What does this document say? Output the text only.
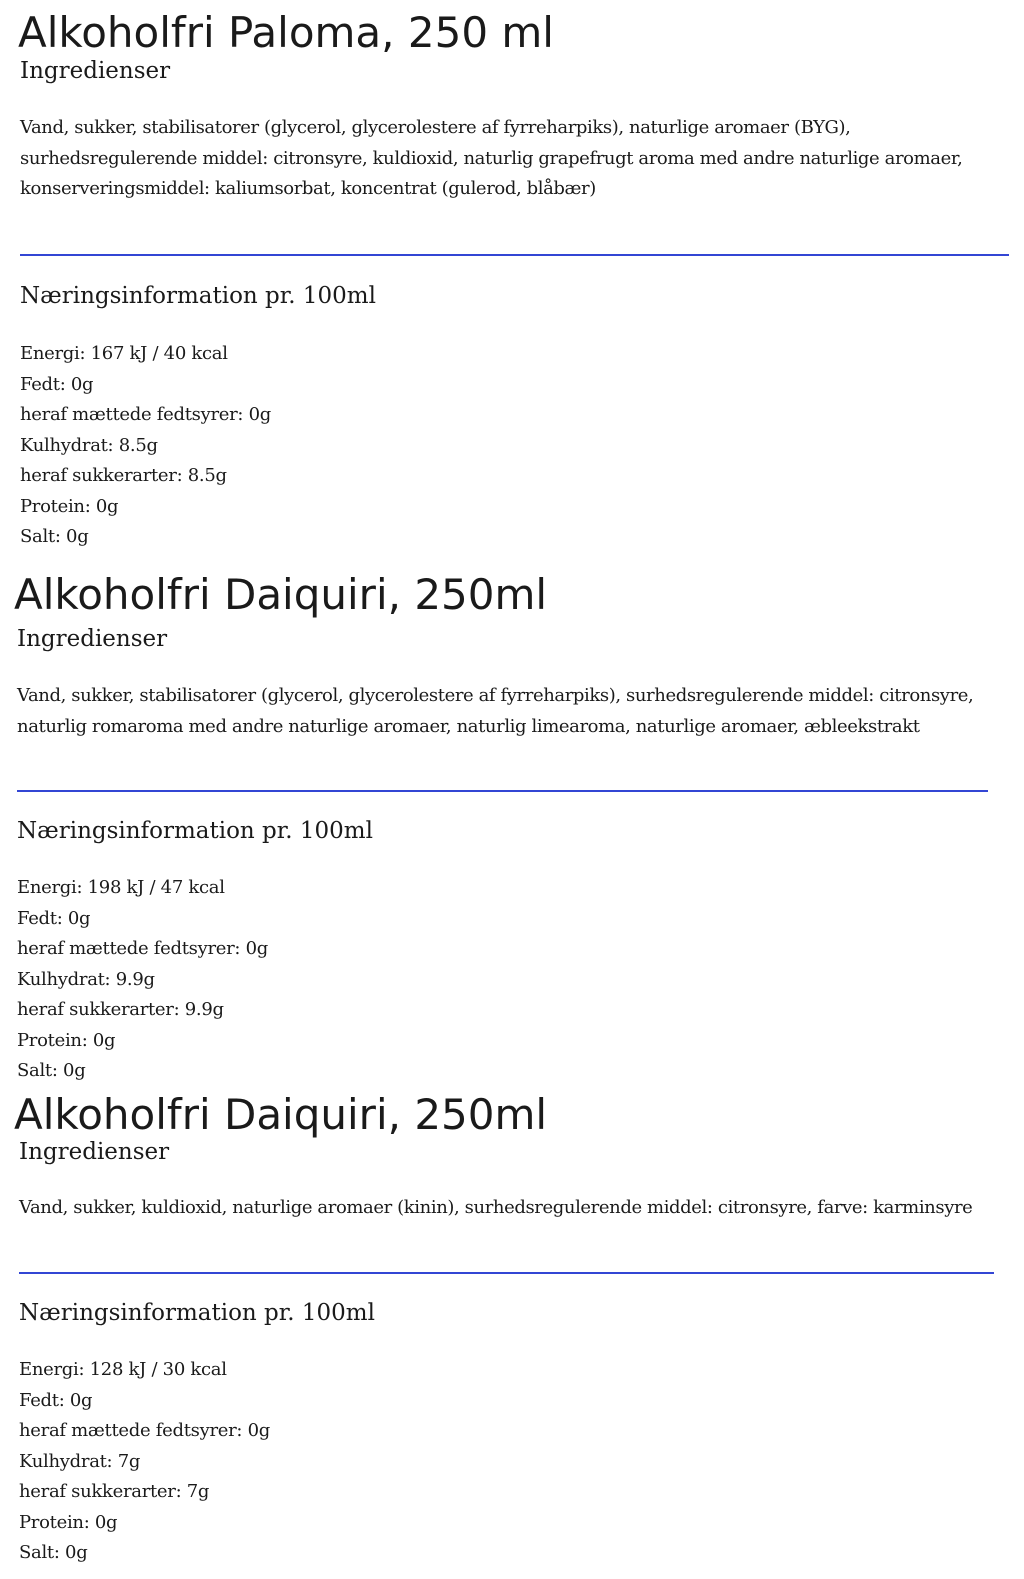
Alkoholfri Paloma, 250 ml
Ingredienser

Vand, sukker, stabilisatorer (glycerol, glycerolestere af fyrreharpiks), naturlige aromaer (BYG),

surhedsregulerende middel: citronsyre, kuldioxid, naturlig grapefrugt aroma med andre naturlige aromaer,

konserveringsmiddel: kaliumsorbat, koncentrat (gulerod, blåbær)

Næringsinformation pr. 100ml
Energi: 167 kJ / 40 kcal
Fedt: 0g
heraf mættede fedtsyrer: 0g
Kulhydrat: 8.5g
heraf sukkerarter: 8.5g
Protein: 0g
Salt: 0g
Alkoholfri Daiquiri, 250ml
Ingredienser

Vand, sukker, stabilisatorer (glycerol, glycerolestere af fyrreharpiks), surhedsregulerende middel: citronsyre,

naturlig romaroma med andre naturlige aromaer, naturlig limearoma, naturlige aromaer, æbleekstrakt

Næringsinformation pr. 100ml
Energi: 198 kJ / 47 kcal
Fedt: 0g
heraf mættede fedtsyrer: 0g
Kulhydrat: 9.9g
heraf sukkerarter: 9.9g
Protein: 0g
Salt: 0g
Alkoholfri Daiquiri, 250ml
Ingredienser

Vand, sukker, kuldioxid, naturlige aromaer (kinin), surhedsregulerende middel: citronsyre, farve: karminsyre

Næringsinformation pr. 100ml
Energi: 128 kJ / 30 kcal
Fedt: 0g
heraf mættede fedtsyrer: 0g
Kulhydrat: 7g
heraf sukkerarter: 7g
Protein: 0g
Salt: 0g
